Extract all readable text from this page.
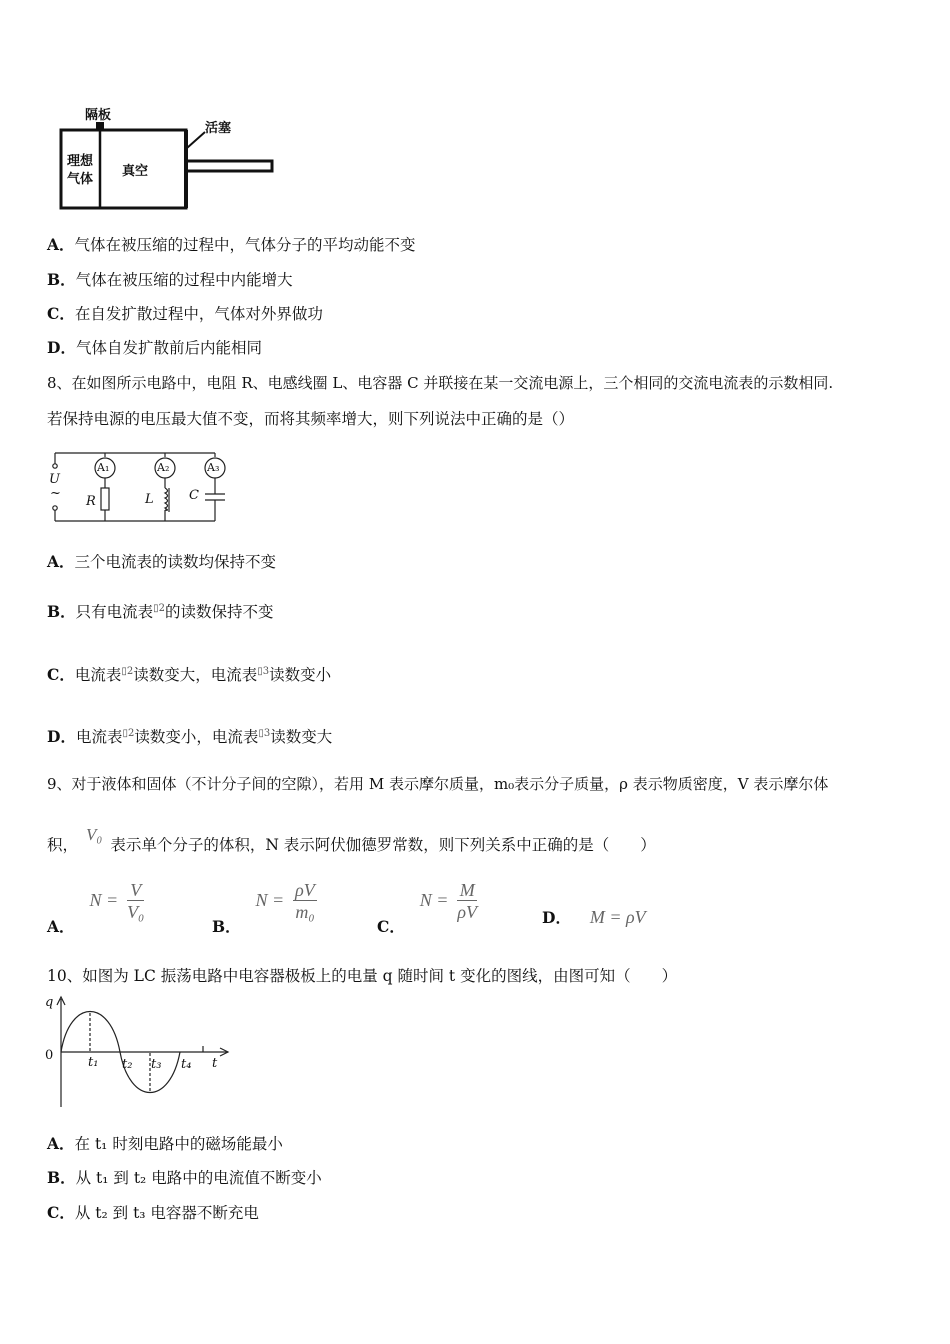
隔板
活塞
理想
气体
真空
A．气体在被压缩的过程中，气体分子的平均动能不变
B．气体在被压缩的过程中内能增大
C．在自发扩散过程中，气体对外界做功
D．气体自发扩散前后内能相同
8、在如图所示电路中，电阻 R、电感线圈 L、电容器 C 并联接在某一交流电源上，三个相同的交流电流表的示数相同.
若保持电源的电压最大值不变，而将其频率增大，则下列说法中正确的是（）
A₁	A₂	A₃
U
~
R	L	C
A．三个电流表的读数均保持不变
B．只有电流表$^{▯2}$的读数保持不变
C．电流表$^{▯2}$读数变大，电流表$^{▯3}$读数变小
D．电流表$^{▯2}$读数变小，电流表$^{▯3}$读数变大
9、对于液体和固体（不计分子间的空隙），若用 M 表示摩尔质量，m₀表示分子质量，ρ 表示物质密度，V 表示摩尔体
积，V₀表示单个分子的体积，N 表示阿伏伽德罗常数，则下列关系中正确的是（　　）
A． $N = \frac{V}{\text{V₀}}$
B． $N = \frac{\rho V}{\text{m₀}}$
C． $N = \frac{M}{\rho V}$	D． M = ρV
10、如图为 LC 振荡电路中电容器极板上的电量 q 随时间 t 变化的图线，由图可知（　　）
q
0
t
t₁ t₂ t₃ t₄
A．在 t₁ 时刻电路中的磁场能最小
B．从 t₁ 到 t₂ 电路中的电流值不断变小
C．从 t₂ 到 t₃ 电容器不断充电
